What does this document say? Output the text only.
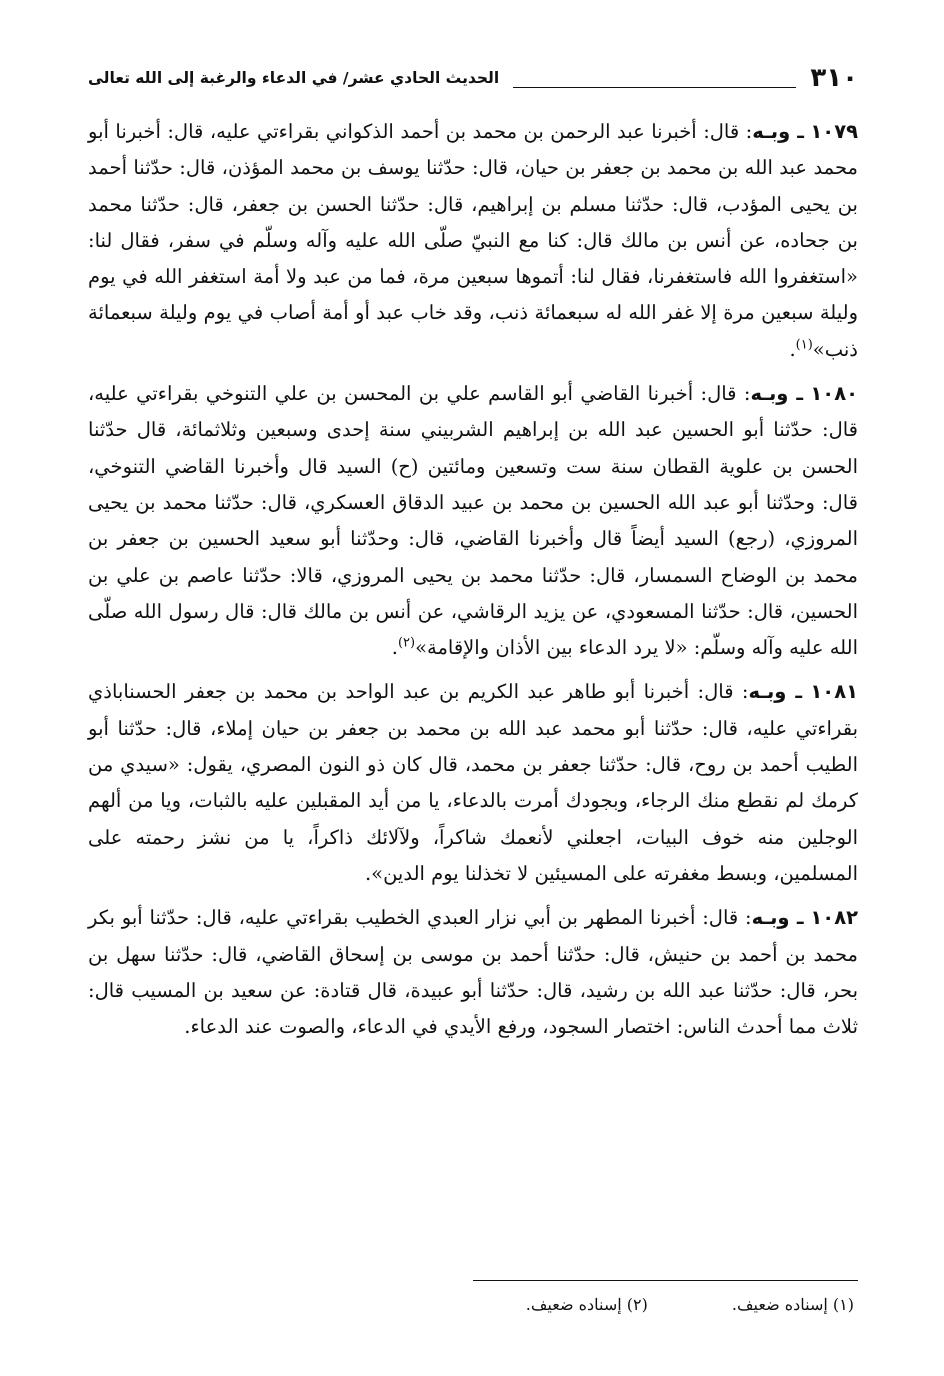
٣١٠
الحديث الحادي عشر/ في الدعاء والرغبة إلى الله تعالى

١٠٧٩ ـ وبـه: قال: أخبرنا عبد الرحمن بن محمد بن أحمد الذكواني بقراءتي عليه، قال: أخبرنا أبو محمد عبد الله بن محمد بن جعفر بن حيان، قال: حدّثنا يوسف بن محمد المؤذن، قال: حدّثنا أحمد بن يحيى المؤدب، قال: حدّثنا مسلم بن إبراهيم، قال: حدّثنا الحسن بن جعفر، قال: حدّثنا محمد بن جحاده، عن أنس بن مالك قال: كنا مع النبيّ صلّى الله عليه وآله وسلّم في سفر، فقال لنا: «استغفروا الله فاستغفرنا، فقال لنا: أتموها سبعين مرة، فما من عبد ولا أمة استغفر الله في يوم وليلة سبعين مرة إلا غفر الله له سبعمائة ذنب، وقد خاب عبد أو أمة أصاب في يوم وليلة سبعمائة ذنب»$^{(١)}$.

١٠٨٠ ـ وبـه: قال: أخبرنا القاضي أبو القاسم علي بن المحسن بن علي التنوخي بقراءتي عليه، قال: حدّثنا أبو الحسين عبد الله بن إبراهيم الشربيني سنة إحدى وسبعين وثلاثمائة، قال حدّثنا الحسن بن علوية القطان سنة ست وتسعين ومائتين (ح) السيد قال وأخبرنا القاضي التنوخي، قال: وحدّثنا أبو عبد الله الحسين بن محمد بن عبيد الدقاق العسكري، قال: حدّثنا محمد بن يحيى المروزي، (رجع) السيد أيضاً قال وأخبرنا القاضي، قال: وحدّثنا أبو سعيد الحسين بن جعفر بن محمد بن الوضاح السمسار، قال: حدّثنا محمد بن يحيى المروزي، قالا: حدّثنا عاصم بن علي بن الحسين، قال: حدّثنا المسعودي، عن يزيد الرقاشي، عن أنس بن مالك قال: قال رسول الله صلّى الله عليه وآله وسلّم: «لا يرد الدعاء بين الأذان والإقامة»$^{(٢)}$.

١٠٨١ ـ وبـه: قال: أخبرنا أبو طاهر عبد الكريم بن عبد الواحد بن محمد بن جعفر الحسناباذي بقراءتي عليه، قال: حدّثنا أبو محمد عبد الله بن محمد بن جعفر بن حيان إملاء، قال: حدّثنا أبو الطيب أحمد بن روح، قال: حدّثنا جعفر بن محمد، قال كان ذو النون المصري، يقول: «سيدي من كرمك لم نقطع منك الرجاء، وبجودك أمرت بالدعاء، يا من أيد المقبلين عليه بالثبات، ويا من ألهم الوجلين منه خوف البيات، اجعلني لأنعمك شاكراً، ولآلائك ذاكراً، يا من نشز رحمته على المسلمين، وبسط مغفرته على المسيئين لا تخذلنا يوم الدين».

١٠٨٢ ـ وبـه: قال: أخبرنا المطهر بن أبي نزار العبدي الخطيب بقراءتي عليه، قال: حدّثنا أبو بكر محمد بن أحمد بن حنيش، قال: حدّثنا أحمد بن موسى بن إسحاق القاضي، قال: حدّثنا سهل بن بحر، قال: حدّثنا عبد الله بن رشيد، قال: حدّثنا أبو عبيدة، قال قتادة: عن سعيد بن المسيب قال: ثلاث مما أحدث الناس: اختصار السجود، ورفع الأيدي في الدعاء، والصوت عند الدعاء.

(١) إسناده ضعيف.
(٢) إسناده ضعيف.
